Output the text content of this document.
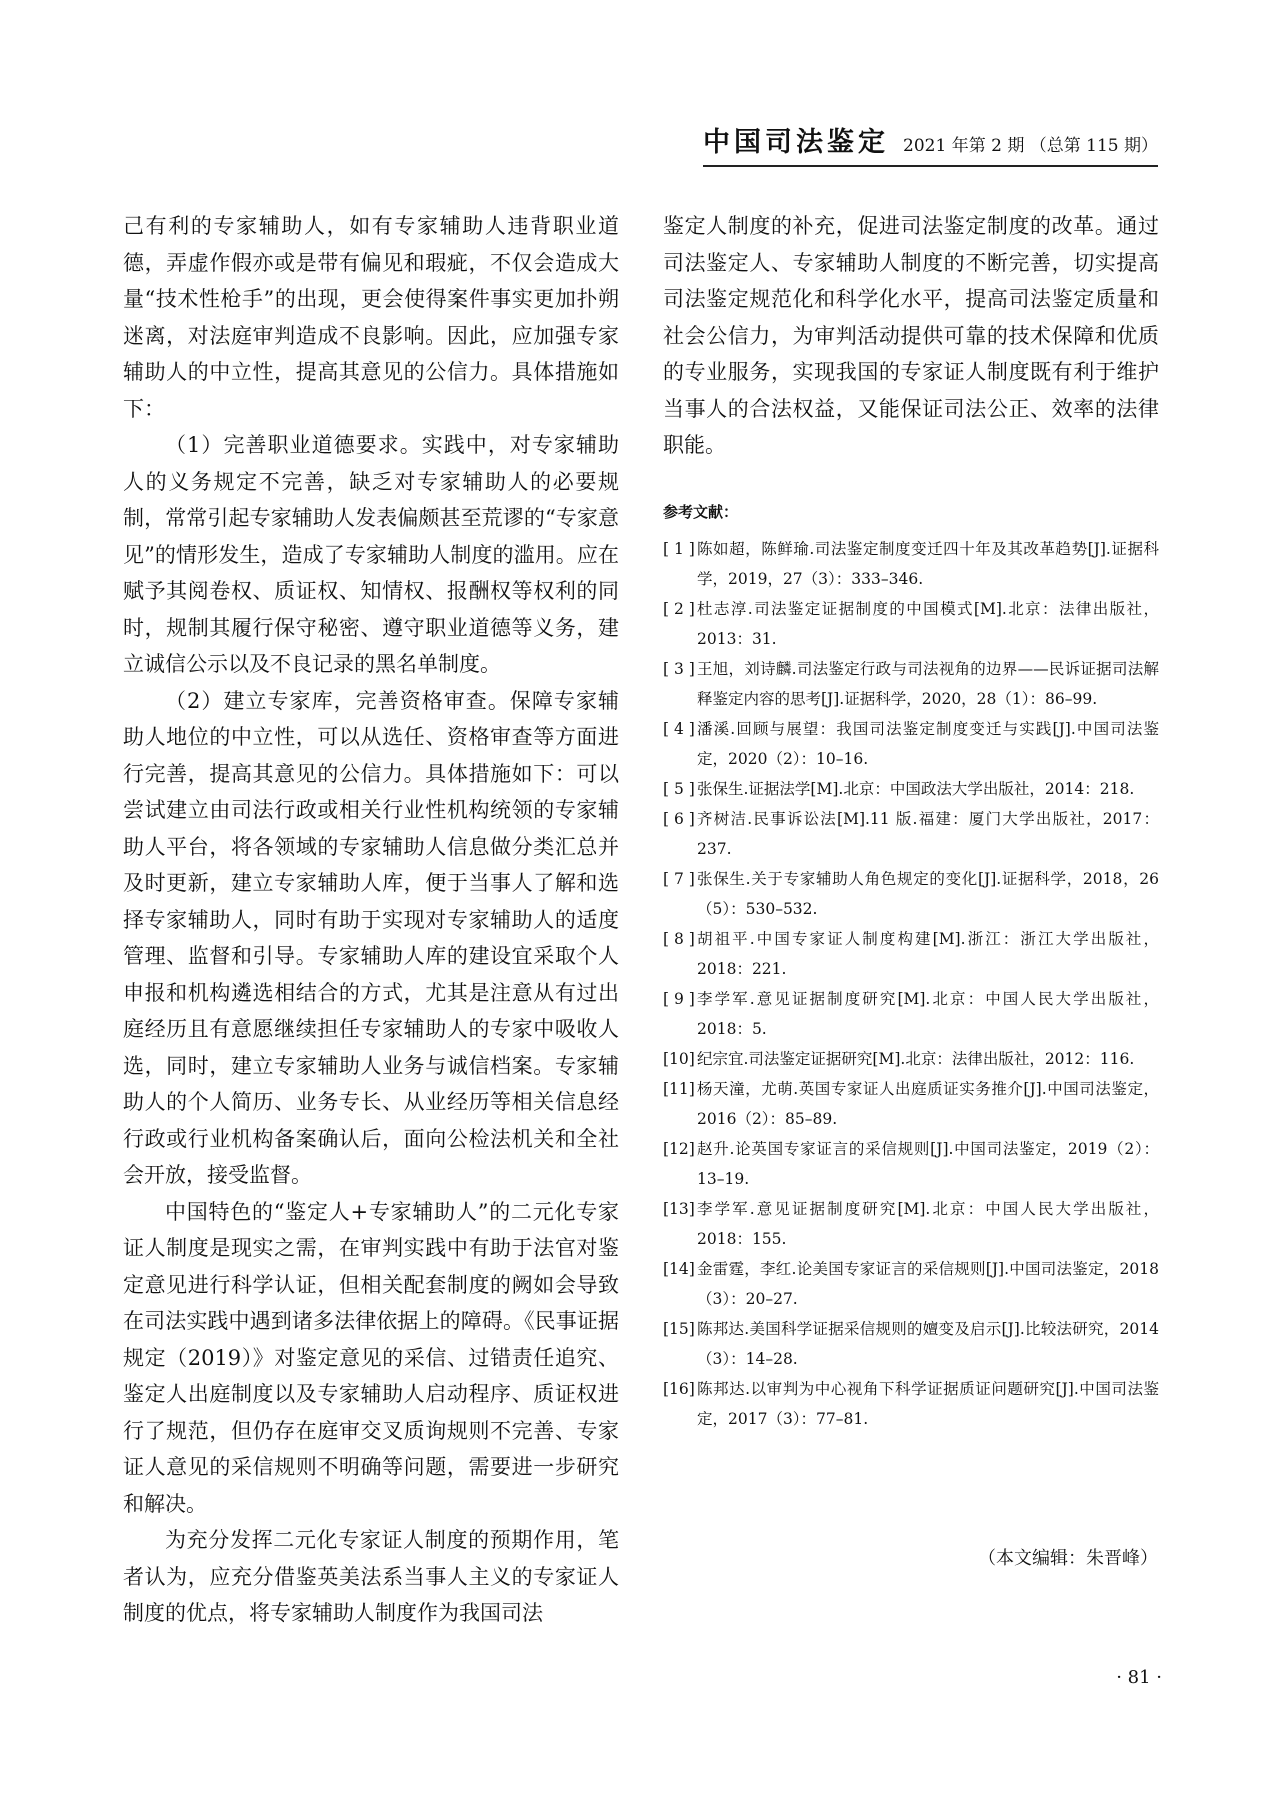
中国司法鉴定 2021 年第 2 期 （总第 115 期）

己有利的专家辅助人，如有专家辅助人违背职业道德，弄虚作假亦或是带有偏见和瑕疵，不仅会造成大量“技术性枪手”的出现，更会使得案件事实更加扑朔迷离，对法庭审判造成不良影响。因此，应加强专家辅助人的中立性，提高其意见的公信力。具体措施如下：

（1）完善职业道德要求。实践中，对专家辅助人的义务规定不完善，缺乏对专家辅助人的必要规制，常常引起专家辅助人发表偏颇甚至荒谬的“专家意见”的情形发生，造成了专家辅助人制度的滥用。应在赋予其阅卷权、质证权、知情权、报酬权等权利的同时，规制其履行保守秘密、遵守职业道德等义务，建立诚信公示以及不良记录的黑名单制度。

（2）建立专家库，完善资格审查。保障专家辅助人地位的中立性，可以从选任、资格审查等方面进行完善，提高其意见的公信力。具体措施如下：可以尝试建立由司法行政或相关行业性机构统领的专家辅助人平台，将各领域的专家辅助人信息做分类汇总并及时更新，建立专家辅助人库，便于当事人了解和选择专家辅助人，同时有助于实现对专家辅助人的适度管理、监督和引导。专家辅助人库的建设宜采取个人申报和机构遴选相结合的方式，尤其是注意从有过出庭经历且有意愿继续担任专家辅助人的专家中吸收人选，同时，建立专家辅助人业务与诚信档案。专家辅助人的个人简历、业务专长、从业经历等相关信息经行政或行业机构备案确认后，面向公检法机关和全社会开放，接受监督。

中国特色的“鉴定人+专家辅助人”的二元化专家证人制度是现实之需，在审判实践中有助于法官对鉴定意见进行科学认证，但相关配套制度的阙如会导致在司法实践中遇到诸多法律依据上的障碍。《民事证据规定（2019）》对鉴定意见的采信、过错责任追究、鉴定人出庭制度以及专家辅助人启动程序、质证权进行了规范，但仍存在庭审交叉质询规则不完善、专家证人意见的采信规则不明确等问题，需要进一步研究和解决。

为充分发挥二元化专家证人制度的预期作用，笔者认为，应充分借鉴英美法系当事人主义的专家证人制度的优点，将专家辅助人制度作为我国司法

鉴定人制度的补充，促进司法鉴定制度的改革。通过司法鉴定人、专家辅助人制度的不断完善，切实提高司法鉴定规范化和科学化水平，提高司法鉴定质量和社会公信力，为审判活动提供可靠的技术保障和优质的专业服务，实现我国的专家证人制度既有利于维护当事人的合法权益，又能保证司法公正、效率的法律职能。

参考文献：
[ 1 ] 陈如超，陈鲜瑜.司法鉴定制度变迁四十年及其改革趋势[J].证据科学，2019，27（3）：333–346.
[ 2 ] 杜志淳.司法鉴定证据制度的中国模式[M].北京：法律出版社，2013：31.
[ 3 ] 王旭，刘诗麟.司法鉴定行政与司法视角的边界——民诉证据司法解释鉴定内容的思考[J].证据科学，2020，28（1）：86–99.
[ 4 ] 潘溪.回顾与展望：我国司法鉴定制度变迁与实践[J].中国司法鉴定，2020（2）：10–16.
[ 5 ] 张保生.证据法学[M].北京：中国政法大学出版社，2014：218.
[ 6 ] 齐树洁.民事诉讼法[M].11 版.福建：厦门大学出版社，2017：237.
[ 7 ] 张保生.关于专家辅助人角色规定的变化[J].证据科学，2018，26（5）：530–532.
[ 8 ] 胡祖平.中国专家证人制度构建[M].浙江：浙江大学出版社，2018：221.
[ 9 ] 李学军.意见证据制度研究[M].北京：中国人民大学出版社，2018：5.
[10] 纪宗宜.司法鉴定证据研究[M].北京：法律出版社，2012：116.
[11] 杨天潼，尤萌.英国专家证人出庭质证实务推介[J].中国司法鉴定，2016（2）：85–89.
[12] 赵升.论英国专家证言的采信规则[J].中国司法鉴定，2019（2）：13–19.
[13] 李学军.意见证据制度研究[M].北京：中国人民大学出版社，2018：155.
[14] 金雷霆，李红.论美国专家证言的采信规则[J].中国司法鉴定，2018（3）：20–27.
[15] 陈邦达.美国科学证据采信规则的嬗变及启示[J].比较法研究，2014（3）：14–28.
[16] 陈邦达.以审判为中心视角下科学证据质证问题研究[J].中国司法鉴定，2017（3）：77–81.
（本文编辑：朱晋峰）
· 81 ·
